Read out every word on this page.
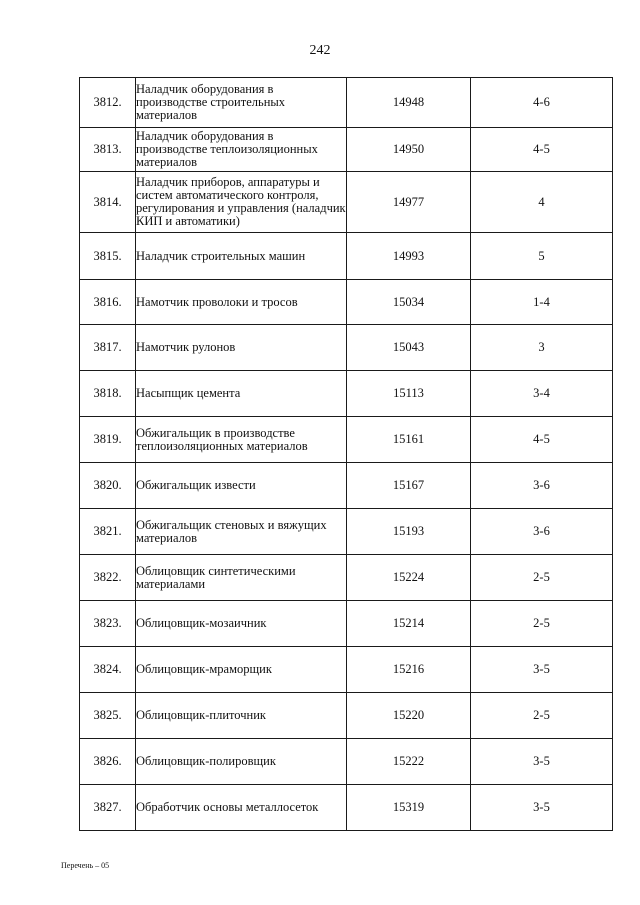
242
3812.	Наладчик оборудования в производстве строительных материалов	14948	4-6
3813.	Наладчик оборудования в производстве теплоизоляционных материалов	14950	4-5
3814.	Наладчик приборов, аппаратуры и систем автоматического контроля, регулирования и управления (наладчик КИП и автоматики)	14977	4
3815.	Наладчик строительных машин	14993	5
3816.	Намотчик проволоки и тросов	15034	1-4
3817.	Намотчик рулонов	15043	3
3818.	Насыпщик цемента	15113	3-4
3819.	Обжигальщик в производстве теплоизоляционных материалов	15161	4-5
3820.	Обжигальщик извести	15167	3-6
3821.	Обжигальщик стеновых и вяжущих материалов	15193	3-6
3822.	Облицовщик синтетическими материалами	15224	2-5
3823.	Облицовщик-мозаичник	15214	2-5
3824.	Облицовщик-мраморщик	15216	3-5
3825.	Облицовщик-плиточник	15220	2-5
3826.	Облицовщик-полировщик	15222	3-5
3827.	Обработчик основы металлосеток	15319	3-5
Перечень – 05
